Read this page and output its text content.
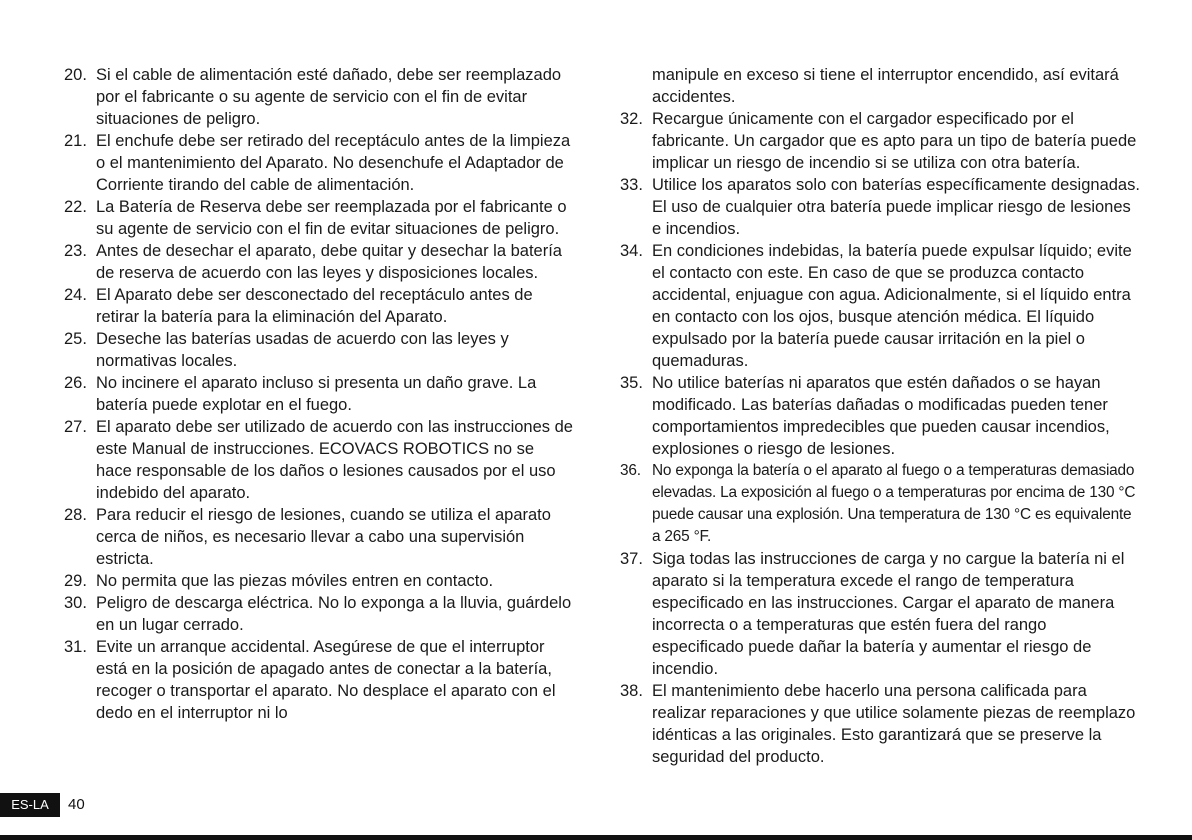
20. Si el cable de alimentación esté dañado, debe ser reemplazado por el fabricante o su agente de servicio con el fin de evitar situaciones de peligro.

21. El enchufe debe ser retirado del receptáculo antes de la limpieza o el mantenimiento del Aparato. No desenchufe el Adaptador de Corriente tirando del cable de alimentación.

22. La Batería de Reserva debe ser reemplazada por el fabricante o su agente de servicio con el fin de evitar situaciones de peligro.

23. Antes de desechar el aparato, debe quitar y desechar la batería de reserva de acuerdo con las leyes y disposiciones locales.

24. El Aparato debe ser desconectado del receptáculo antes de retirar la batería para la eliminación del Aparato.

25. Deseche las baterías usadas de acuerdo con las leyes y normativas locales.

26. No incinere el aparato incluso si presenta un daño grave. La batería puede explotar en el fuego.

27. El aparato debe ser utilizado de acuerdo con las instrucciones de este Manual de instrucciones. ECOVACS ROBOTICS no se hace responsable de los daños o lesiones causados por el uso indebido del aparato.

28. Para reducir el riesgo de lesiones, cuando se utiliza el aparato cerca de niños, es necesario llevar a cabo una supervisión estricta.

29. No permita que las piezas móviles entren en contacto.

30. Peligro de descarga eléctrica. No lo exponga a la lluvia, guárdelo en un lugar cerrado.

31. Evite un arranque accidental. Asegúrese de que el interruptor está en la posición de apagado antes de conectar a la batería, recoger o transportar el aparato. No desplace el aparato con el dedo en el interruptor ni lo

manipule en exceso si tiene el interruptor encendido, así evitará accidentes.

32. Recargue únicamente con el cargador especificado por el fabricante. Un cargador que es apto para un tipo de batería puede implicar un riesgo de incendio si se utiliza con otra batería.

33. Utilice los aparatos solo con baterías específicamente designadas. El uso de cualquier otra batería puede implicar riesgo de lesiones e incendios.

34. En condiciones indebidas, la batería puede expulsar líquido; evite el contacto con este. En caso de que se produzca contacto accidental, enjuague con agua. Adicionalmente, si el líquido entra en contacto con los ojos, busque atención médica. El líquido expulsado por la batería puede causar irritación en la piel o quemaduras.

35. No utilice baterías ni aparatos que estén dañados o se hayan modificado. Las baterías dañadas o modificadas pueden tener comportamientos impredecibles que pueden causar incendios, explosiones o riesgo de lesiones.

36. No exponga la batería o el aparato al fuego o a temperaturas demasiado elevadas. La exposición al fuego o a temperaturas por encima de 130 °C puede causar una explosión. Una temperatura de 130 °C es equivalente a 265 °F.

37. Siga todas las instrucciones de carga y no cargue la batería ni el aparato si la temperatura excede el rango de temperatura especificado en las instrucciones. Cargar el aparato de manera incorrecta o a temperaturas que estén fuera del rango especificado puede dañar la batería y aumentar el riesgo de incendio.

38. El mantenimiento debe hacerlo una persona calificada para realizar reparaciones y que utilice solamente piezas de reemplazo idénticas a las originales. Esto garantizará que se preserve la seguridad del producto.

ES-LA	40
